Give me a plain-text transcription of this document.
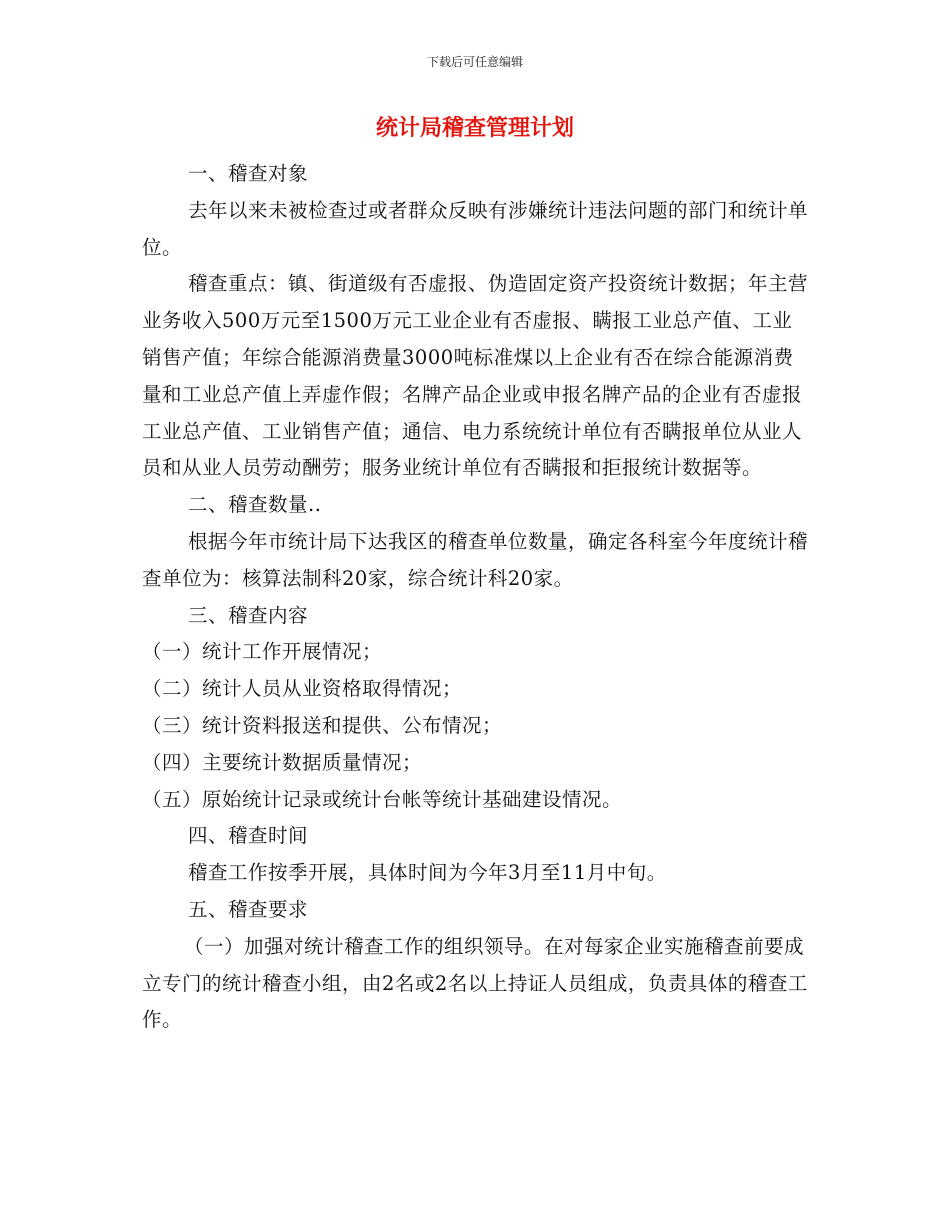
下载后可任意编辑
统计局稽查管理计划

一、稽查对象

去年以来未被检查过或者群众反映有涉嫌统计违法问题的部门和统计单位。

稽查重点：镇、街道级有否虚报、伪造固定资产投资统计数据；年主营业务收入500万元至1500万元工业企业有否虚报、瞒报工业总产值、工业销售产值；年综合能源消费量3000吨标准煤以上企业有否在综合能源消费量和工业总产值上弄虚作假；名牌产品企业或申报名牌产品的企业有否虚报工业总产值、工业销售产值；通信、电力系统统计单位有否瞒报单位从业人员和从业人员劳动酬劳；服务业统计单位有否瞒报和拒报统计数据等。

二、稽查数量..

根据今年市统计局下达我区的稽查单位数量，确定各科室今年度统计稽查单位为：核算法制科20家，综合统计科20家。

三、稽查内容

（一）统计工作开展情况；

（二）统计人员从业资格取得情况；

（三）统计资料报送和提供、公布情况；

（四）主要统计数据质量情况；

（五）原始统计记录或统计台帐等统计基础建设情况。

四、稽查时间

稽查工作按季开展，具体时间为今年3月至11月中旬。

五、稽查要求

（一）加强对统计稽查工作的组织领导。在对每家企业实施稽查前要成立专门的统计稽查小组，由2名或2名以上持证人员组成，负责具体的稽查工作。
